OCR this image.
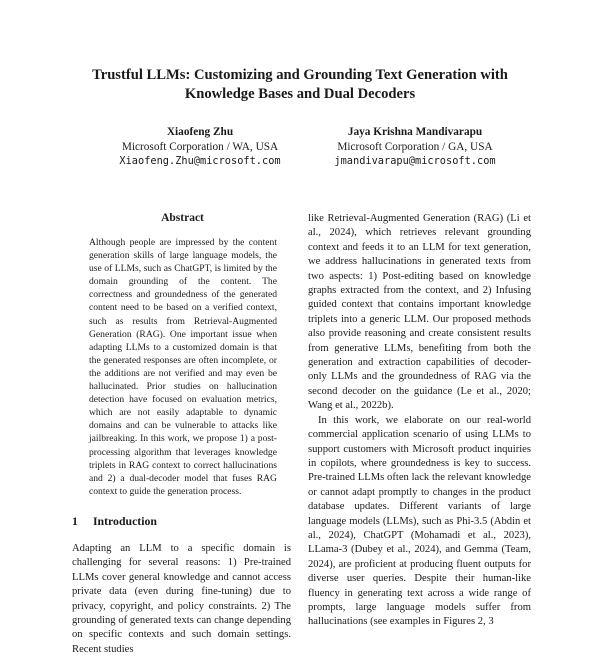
Trustful LLMs: Customizing and Grounding Text Generation with
Knowledge Bases and Dual Decoders
Xiaofeng Zhu
Microsoft Corporation / WA, USA
Xiaofeng.Zhu@microsoft.com
Jaya Krishna Mandivarapu
Microsoft Corporation / GA, USA
jmandivarapu@microsoft.com
Abstract

Although people are impressed by the content generation skills of large language models, the use of LLMs, such as ChatGPT, is limited by the domain grounding of the content. The correctness and groundedness of the generated content need to be based on a verified context, such as results from Retrieval-Augmented Generation (RAG). One important issue when adapting LLMs to a customized domain is that the generated responses are often incomplete, or the additions are not verified and may even be hallucinated. Prior studies on hallucination detection have focused on evaluation metrics, which are not easily adaptable to dynamic domains and can be vulnerable to attacks like jailbreaking. In this work, we propose 1) a post-processing algorithm that leverages knowledge triplets in RAG context to correct hallucinations and 2) a dual-decoder model that fuses RAG context to guide the generation process.

1 Introduction

Adapting an LLM to a specific domain is challenging for several reasons: 1) Pre-trained LLMs cover general knowledge and cannot access private data (even during fine-tuning) due to privacy, copyright, and policy constraints. 2) The grounding of generated texts can change depending on specific contexts and such domain settings. Recent studies

like Retrieval-Augmented Generation (RAG) (Li et al., 2024), which retrieves relevant grounding context and feeds it to an LLM for text generation, we address hallucinations in generated texts from two aspects: 1) Post-editing based on knowledge graphs extracted from the context, and 2) Infusing guided context that contains important knowledge triplets into a generic LLM. Our proposed methods also provide reasoning and create consistent results from generative LLMs, benefiting from both the generation and extraction capabilities of decoder-only LLMs and the groundedness of RAG via the second decoder on the guidance (Le et al., 2020; Wang et al., 2022b).

In this work, we elaborate on our real-world commercial application scenario of using LLMs to support customers with Microsoft product inquiries in copilots, where groundedness is key to success. Pre-trained LLMs often lack the relevant knowledge or cannot adapt promptly to changes in the product database updates. Different variants of large language models (LLMs), such as Phi-3.5 (Abdin et al., 2024), ChatGPT (Mohamadi et al., 2023), LLama-3 (Dubey et al., 2024), and Gemma (Team, 2024), are proficient at producing fluent outputs for diverse user queries. Despite their human-like fluency in generating text across a wide range of prompts, large language models suffer from hallucinations (see examples in Figures 2, 3
